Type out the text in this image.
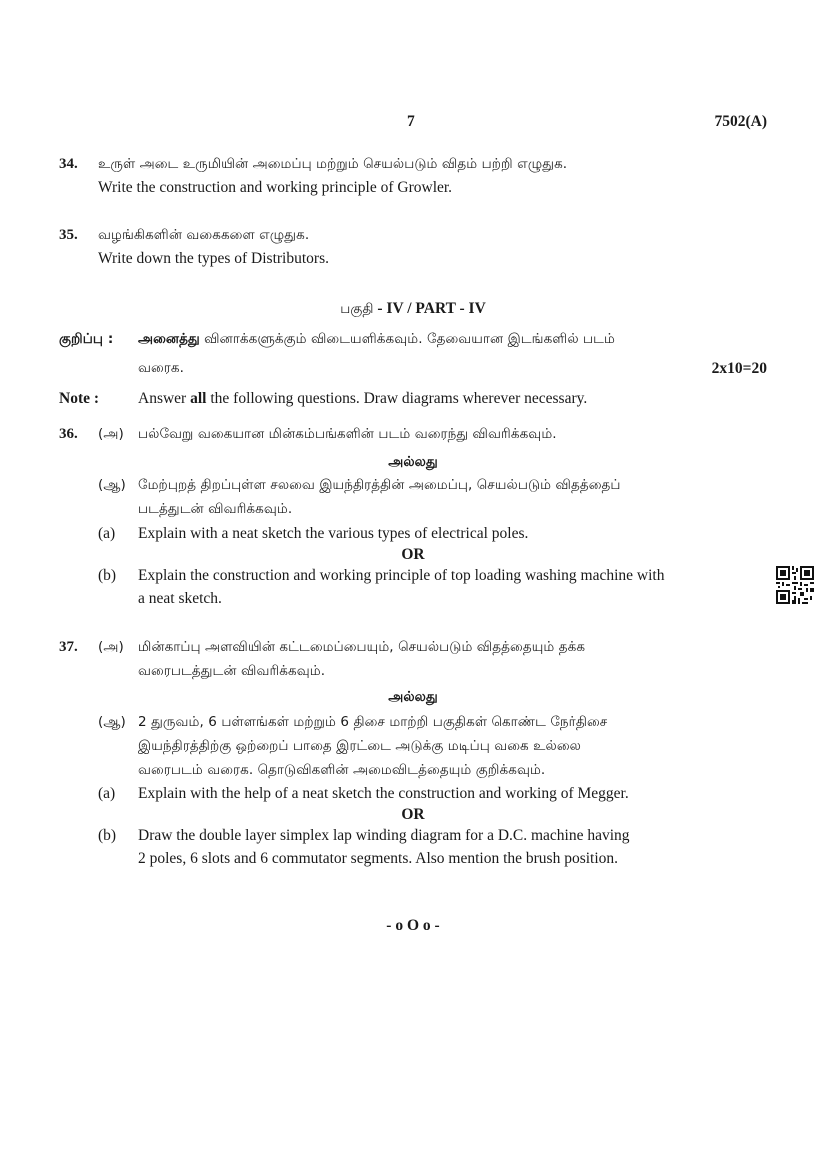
7	7502(A)
34. உருள் அடை உருமியின் அமைப்பு மற்றும் செயல்படும் விதம் பற்றி எழுதுக.
Write the construction and working principle of Growler.
35. வழங்கிகளின் வகைகளை எழுதுக.
Write down the types of Distributors.
பகுதி - IV / PART - IV
குறிப்பு : அனைத்து வினாக்களுக்கும் விடையளிக்கவும். தேவையான இடங்களில் படம்
வரைக.	2x10=20
Note :	Answer all the following questions. Draw diagrams wherever necessary.
36. (அ) பல்வேறு வகையான மின்கம்பங்களின் படம் வரைந்து விவரிக்கவும்.
அல்லது
(ஆ) மேற்புறத் திறப்புள்ள சலவை இயந்திரத்தின் அமைப்பு, செயல்படும் விதத்தைப்
படத்துடன் விவரிக்கவும்.
(a) Explain with a neat sketch the various types of electrical poles.
OR
(b) Explain the construction and working principle of top loading washing machine with
a neat sketch.
37. (அ) மின்காப்பு அளவியின் கட்டமைப்பையும், செயல்படும் விதத்தையும் தக்க
வரைபடத்துடன் விவரிக்கவும்.
அல்லது
(ஆ) 2 துருவம், 6 பள்ளங்கள் மற்றும் 6 திசை மாற்றி பகுதிகள் கொண்ட நேர்திசை
இயந்திரத்திற்கு ஒற்றைப் பாதை இரட்டை அடுக்கு மடிப்பு வகை உல்லை
வரைபடம் வரைக. தொடுவிகளின் அமைவிடத்தையும் குறிக்கவும்.
(a) Explain with the help of a neat sketch the construction and working of Megger.
OR
(b) Draw the double layer simplex lap winding diagram for a D.C. machine having
2 poles, 6 slots and 6 commutator segments. Also mention the brush position.
- o O o -
